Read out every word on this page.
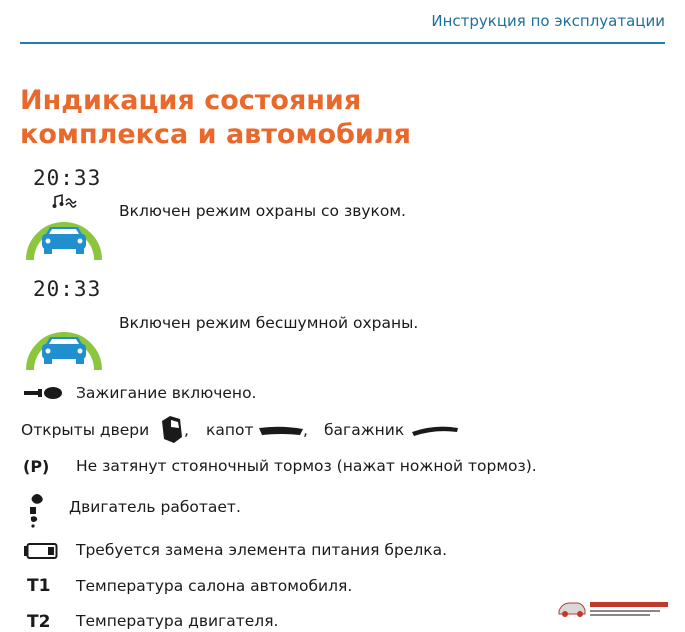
Инструкция по эксплуатации
Индикация состояния
комплекса и автомобиля
20:33
Включен режим охраны со звуком.
20:33
Включен режим бесшумной охраны.
Зажигание включено.
Открыты двери , капот	, багажник
(P) Не затянут стояночный тормоз (нажат ножной тормоз).
Двигатель работает.
Требуется замена элемента питания брелка.
T1 Температура салона автомобиля.
T2 Температура двигателя.
